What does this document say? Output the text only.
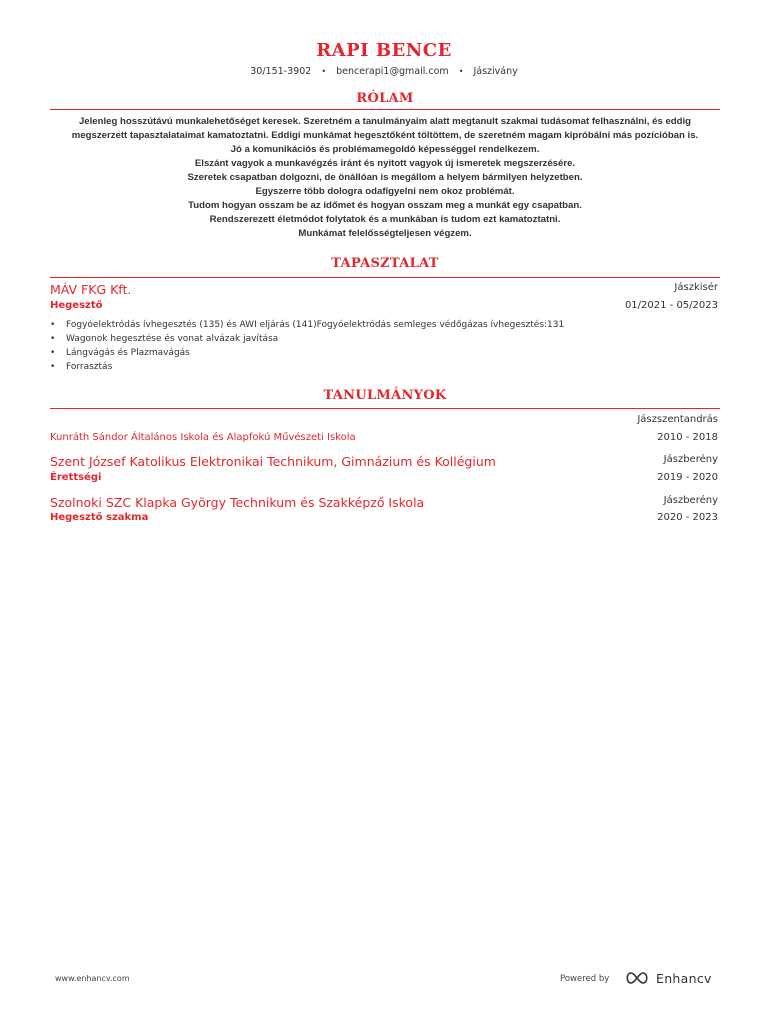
RAPI BENCE
30/151-3902 • bencerapi1@gmail.com • Jászivány
RÓLAM
Jelenleg hosszútávú munkalehetőséget keresek. Szeretném a tanulmányaim alatt megtanult szakmai tudásomat felhasználni, és eddig
megszerzett tapasztalataimat kamatoztatni. Eddigi munkámat hegesztőként töltöttem, de szeretném magam kipróbálni más pozícióban is.
Jó a komunikációs és problémamegoldó képességgel rendelkezem.
Elszánt vagyok a munkavégzés iránt és nyitott vagyok új ismeretek megszerzésére.
Szeretek csapatban dolgozni, de önállóan is megállom a helyem bármilyen helyzetben.
Egyszerre több dologra odafigyelni nem okoz problémát.
Tudom hogyan osszam be az időmet és hogyan osszam meg a munkát egy csapatban.
Rendszerezett életmódot folytatok és a munkában is tudom ezt kamatoztatni.
Munkámat felelősségteljesen végzem.
TAPASZTALAT
MÁV FKG Kft.	Jászkisér
Hegesztő	01/2021 - 05/2023
• Fogyóelektródás ívhegesztés (135) és AWI eljárás (141)Fogyóelektródás semleges védőgázas ívhegesztés:131
• Wagonok hegesztése és vonat alvázak javítása
• Lángvágás és Plazmavágás
• Forrasztás
TANULMÁNYOK
Jászszentandrás
Kunráth Sándor Általános Iskola és Alapfokú Művészeti Iskola	2010 - 2018
Szent József Katolikus Elektronikai Technikum, Gimnázium és Kollégium	Jászberény
Érettségi	2019 - 2020
Szolnoki SZC Klapka György Technikum és Szakképző Iskola	Jászberény
Hegesztő szakma	2020 - 2023
www.enhancv.com	Powered by	Enhancv
